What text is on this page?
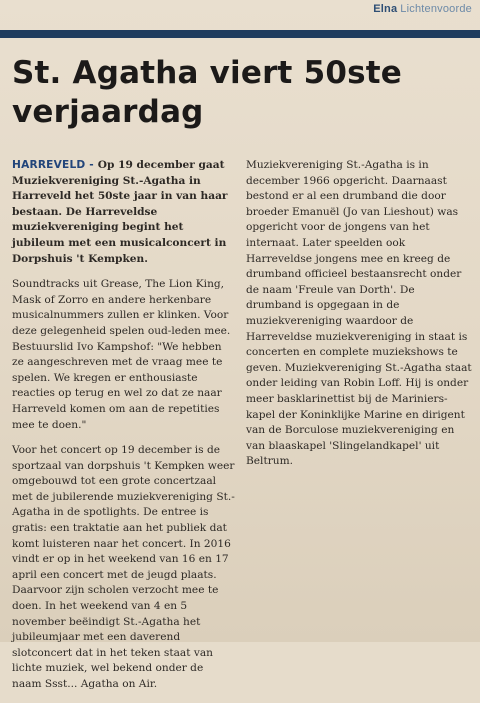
Elna Lichtenvoorde
St. Agatha viert 50ste verjaardag

HARREVELD - Op 19 december gaat Muziekvereniging St.-Agatha in Harreveld het 50ste jaar in van haar bestaan. De Harreveldse muziekvereniging begint het jubileum met een musicalconcert in Dorpshuis 't Kempken.

Soundtracks uit Grease, The Lion King, Mask of Zorro en andere herkenbare musicalnummers zullen er klinken. Voor deze gelegenheid spelen oud-leden mee. Bestuurslid Ivo Kampshof: "We hebben ze aangeschreven met de vraag mee te spelen. We kregen er enthousiaste reacties op terug en wel zo dat ze naar Harreveld komen om aan de repetities mee te doen."

Voor het concert op 19 december is de sportzaal van dorpshuis 't Kempken weer omgebouwd tot een grote concertzaal met de jubilerende muziekvereniging St.-Agatha in de spotlights. De entree is gratis: een traktatie aan het publiek dat komt luisteren naar het concert. In 2016 vindt er op in het weekend van 16 en 17 april een concert met de jeugd plaats. Daarvoor zijn scholen verzocht mee te doen. In het weekend van 4 en 5 november beëindigt St.-Agatha het jubileumjaar met een daverend slotconcert dat in het teken staat van lichte muziek, wel bekend onder de naam Ssst... Agatha on Air.

Muziekvereniging St.-Agatha is in december 1966 opgericht. Daarnaast bestond er al een drumband die door broeder Emanuël (Jo van Lieshout) was opgericht voor de jongens van het internaat. Later speelden ook Harreveldse jongens mee en kreeg de drumband officieel bestaansrecht onder de naam 'Freule van Dorth'. De drumband is opgegaan in de muziekvereniging waardoor de Harreveldse muziekvereniging in staat is concerten en complete muziekshows te geven. Muziekvereniging St.-Agatha staat onder leiding van Robin Loff. Hij is onder meer basklarinettist bij de Marinierskapel der Koninklijke Marine en dirigent van de Borculose muziekvereniging en van blaaskapel 'Slingelandkapel' uit Beltrum.
